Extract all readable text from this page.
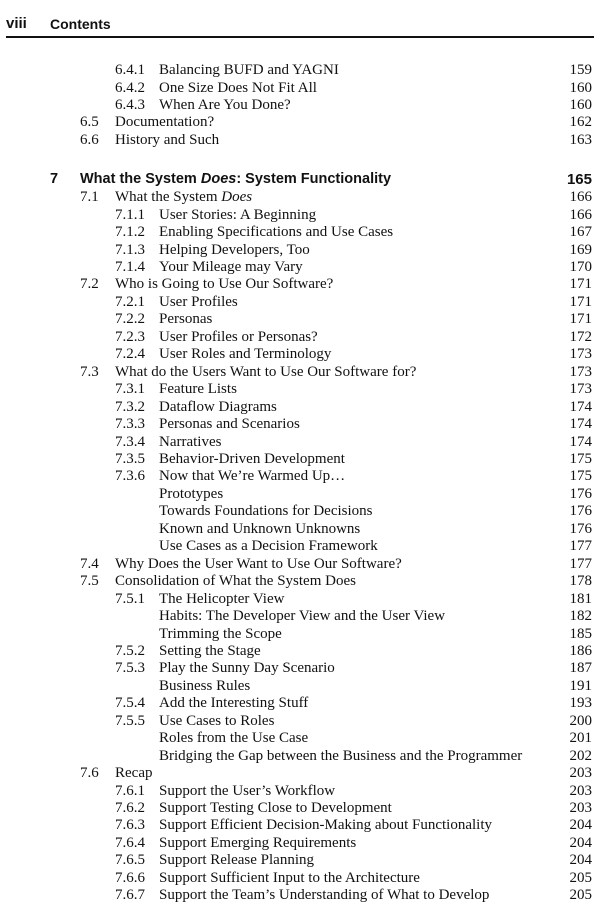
viii Contents
6.4.1 Balancing BUFD and YAGNI	159
6.4.2 One Size Does Not Fit All	160
6.4.3 When Are You Done?	160
6.5 Documentation?	162
6.6 History and Such	163
7 What the System Does: System Functionality	165
7.1 What the System Does	166
7.1.1 User Stories: A Beginning	166
7.1.2 Enabling Specifications and Use Cases	167
7.1.3 Helping Developers, Too	169
7.1.4 Your Mileage may Vary	170
7.2 Who is Going to Use Our Software?	171
7.2.1 User Profiles	171
7.2.2 Personas	171
7.2.3 User Profiles or Personas?	172
7.2.4 User Roles and Terminology	173
7.3 What do the Users Want to Use Our Software for?	173
7.3.1 Feature Lists	173
7.3.2 Dataflow Diagrams	174
7.3.3 Personas and Scenarios	174
7.3.4 Narratives	174
7.3.5 Behavior-Driven Development	175
7.3.6 Now that We’re Warmed Up…	175
Prototypes	176
Towards Foundations for Decisions	176
Known and Unknown Unknowns	176
Use Cases as a Decision Framework	177
7.4 Why Does the User Want to Use Our Software?	177
7.5 Consolidation of What the System Does	178
7.5.1 The Helicopter View	181
Habits: The Developer View and the User View	182
Trimming the Scope	185
7.5.2 Setting the Stage	186
7.5.3 Play the Sunny Day Scenario	187
Business Rules	191
7.5.4 Add the Interesting Stuff	193
7.5.5 Use Cases to Roles	200
Roles from the Use Case	201
Bridging the Gap between the Business and the Programmer	202
7.6 Recap	203
7.6.1 Support the User’s Workflow	203
7.6.2 Support Testing Close to Development	203
7.6.3 Support Efficient Decision-Making about Functionality	204
7.6.4 Support Emerging Requirements	204
7.6.5 Support Release Planning	204
7.6.6 Support Sufficient Input to the Architecture	205
7.6.7 Support the Team’s Understanding of What to Develop	205
